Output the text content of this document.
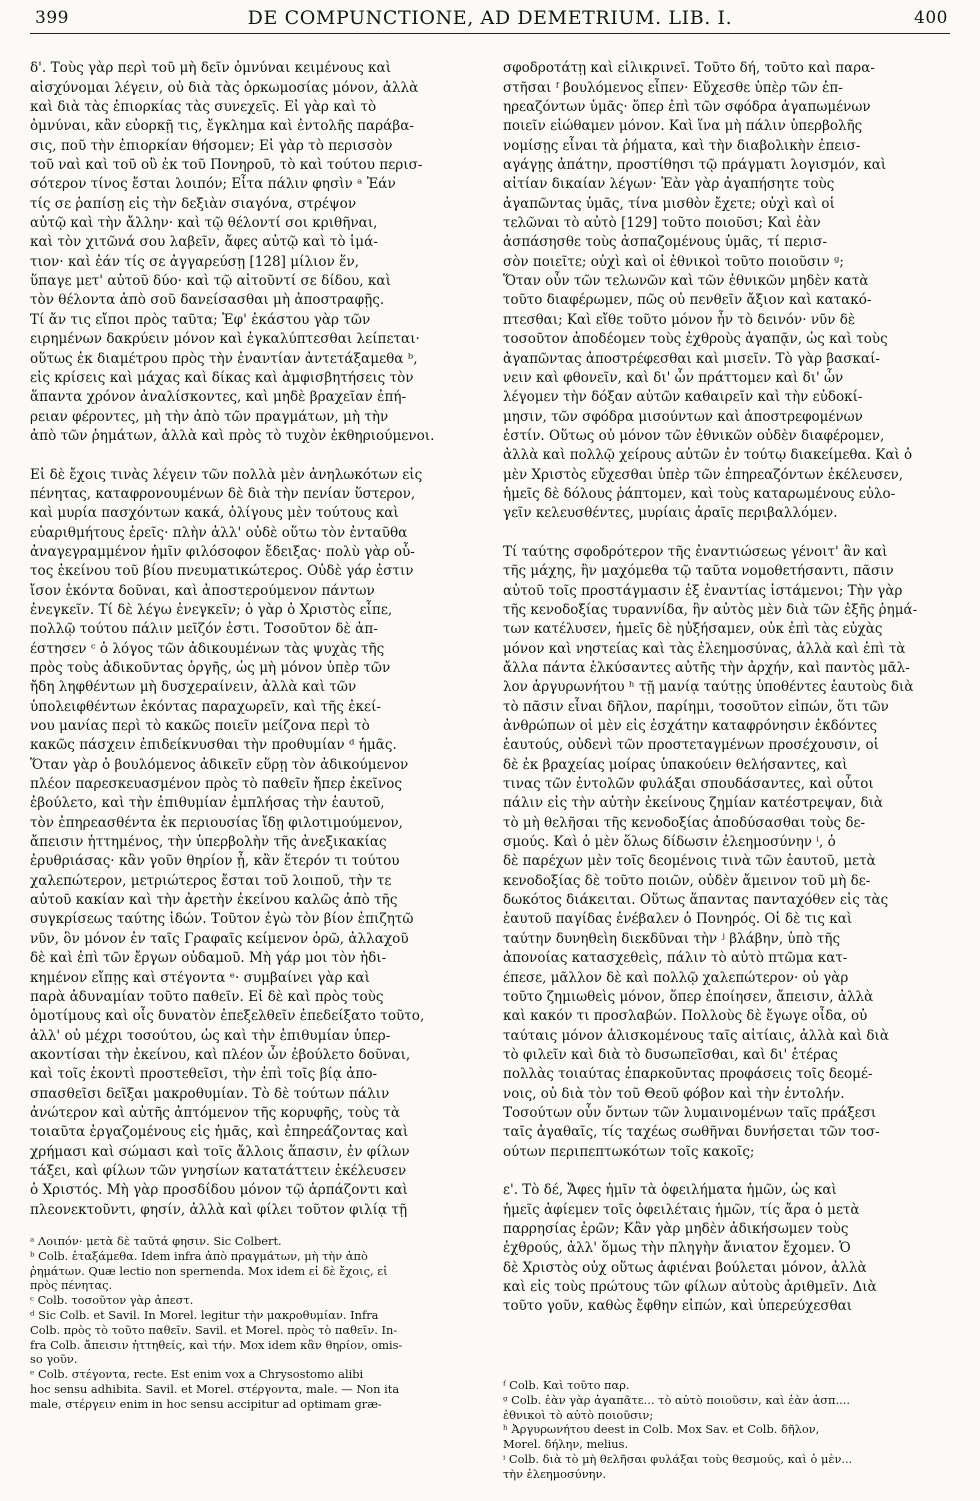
399	DE COMPUNCTIONE, AD DEMETRIUM. LIB. I.	400

δ'. Τοὺς γὰρ περὶ τοῦ μὴ δεῖν ὀμνύναι κειμένους καὶ
αἰσχύνομαι λέγειν, οὐ διὰ τὰς ὁρκωμοσίας μόνον, ἀλλὰ
καὶ διὰ τὰς ἐπιορκίας τὰς συνεχεῖς. Εἰ γὰρ καὶ τὸ
ὀμνύναι, κἂν εὐορκῇ τις, ἔγκλημα καὶ ἐντολῆς παράβα-
σις, ποῦ τὴν ἐπιορκίαν θήσομεν; Εἰ γὰρ τὸ περισσὸν
τοῦ ναὶ καὶ τοῦ οὒ ἐκ τοῦ Πονηροῦ, τὸ καὶ τούτου περισ-
σότερον τίνος ἔσται λοιπόν; Εἶτα πάλιν φησὶν ᵃ Ἐάν
τίς σε ῥαπίσῃ εἰς τὴν δεξιὰν σιαγόνα, στρέψον
αὐτῷ καὶ τὴν ἄλλην· καὶ τῷ θέλοντί σοι κριθῆναι,
καὶ τὸν χιτῶνά σου λαβεῖν, ἄφες αὐτῷ καὶ τὸ ἱμά-
τιον· καὶ ἐάν τίς σε ἀγγαρεύσῃ [128] μίλιον ἕν,
ὕπαγε μετ' αὐτοῦ δύο· καὶ τῷ αἰτοῦντί σε δίδου, καὶ
τὸν θέλοντα ἀπὸ σοῦ δανείσασθαι μὴ ἀποστραφῇς.
Τί ἄν τις εἴποι πρὸς ταῦτα; Ἐφ' ἑκάστου γὰρ τῶν
ειρημένων δακρύειν μόνον καὶ ἐγκαλύπτεσθαι λείπεται·
οὕτως ἐκ διαμέτρου πρὸς τὴν ἐναντίαν ἀντετάξαμεθα ᵇ,
εἰς κρίσεις καὶ μάχας καὶ δίκας καὶ ἀμφισβητήσεις τὸν
ἅπαντα χρόνον ἀναλίσκοντες, καὶ μηδὲ βραχεῖαν ἐπή-
ρειαν φέροντες, μὴ τὴν ἀπὸ τῶν πραγμάτων, μὴ τὴν
ἀπὸ τῶν ῥημάτων, ἀλλὰ καὶ πρὸς τὸ τυχὸν ἐκθηριούμενοι.

Εἰ δὲ ἔχοις τινὰς λέγειν τῶν πολλὰ μὲν ἀνηλωκότων εἰς
πένητας, καταφρονουμένων δὲ διὰ τὴν πενίαν ὕστερον,
καὶ μυρία πασχόντων κακά, ὀλίγους μὲν τούτους καὶ
εὐαριθμήτους ἐρεῖς· πλὴν ἀλλ' οὐδὲ οὕτω τὸν ἐνταῦθα
ἀναγεγραμμένον ἡμῖν φιλόσοφον ἔδειξας· πολὺ γὰρ οὗ-
τος ἐκείνου τοῦ βίου πνευματικώτερος. Οὐδὲ γάρ ἐστιν
ἴσον ἑκόντα δοῦναι, καὶ ἀποστερούμενον πάντων
ἐνεγκεῖν. Τί δὲ λέγω ἐνεγκεῖν; ὁ γὰρ ὁ Χριστὸς εἶπε,
πολλῷ τούτου πάλιν μεῖζόν ἐστι. Τοσοῦτον δὲ ἀπ-
έστησεν ᶜ ὁ λόγος τῶν ἀδικουμένων τὰς ψυχὰς τῆς
πρὸς τοὺς ἀδικοῦντας ὀργῆς, ὡς μὴ μόνον ὑπὲρ τῶν
ἤδη ληφθέντων μὴ δυσχεραίνειν, ἀλλὰ καὶ τῶν
ὑπολειφθέντων ἑκόντας παραχωρεῖν, καὶ τῆς ἐκεί-
νου μανίας περὶ τὸ κακῶς ποιεῖν μείζονα περὶ τὸ
κακῶς πάσχειν ἐπιδείκνυσθαι τὴν προθυμίαν ᵈ ἡμᾶς.
Ὅταν γὰρ ὁ βουλόμενος ἀδικεῖν εὕρῃ τὸν ἀδικούμενον
πλέον παρεσκευασμένον πρὸς τὸ παθεῖν ἤπερ ἐκεῖνος
ἐβούλετο, καὶ τὴν ἐπιθυμίαν ἐμπλήσας τὴν ἑαυτοῦ,
τὸν ἐπηρεασθέντα ἐκ περιουσίας ἴδῃ φιλοτιμούμενον,
ἄπεισιν ἡττημένος, τὴν ὑπερβολὴν τῆς ἀνεξικακίας
ἐρυθριάσας· κἂν γοῦν θηρίον ᾖ, κἂν ἕτερόν τι τούτου
χαλεπώτερον, μετριώτερος ἔσται τοῦ λοιποῦ, τὴν τε
αὐτοῦ κακίαν καὶ τὴν ἀρετὴν ἐκείνου καλῶς ἀπὸ τῆς
συγκρίσεως ταύτης ἰδών. Τοῦτον ἐγὼ τὸν βίον ἐπιζητῶ
νῦν, ὃν μόνον ἐν ταῖς Γραφαῖς κείμενον ὁρῶ, ἀλλαχοῦ
δὲ καὶ ἐπὶ τῶν ἔργων οὐδαμοῦ. Μὴ γάρ μοι τὸν ἠδι-
κημένον εἴπῃς καὶ στέγοντα ᵉ· συμβαίνει γὰρ καὶ
παρὰ ἀδυναμίαν τοῦτο παθεῖν. Εἰ δὲ καὶ πρὸς τοὺς
ὁμοτίμους καὶ οἷς δυνατὸν ἐπεξελθεῖν ἐπεδείξατο τοῦτο,
ἀλλ' οὐ μέχρι τοσούτου, ὡς καὶ τὴν ἐπιθυμίαν ὑπερ-
ακοντίσαι τὴν ἐκείνου, καὶ πλέον ὧν ἐβούλετο δοῦναι,
καὶ τοῖς ἑκοντὶ προστεθεῖσι, τὴν ἐπὶ τοῖς βίᾳ ἀπο-
σπασθεῖσι δεῖξαι μακροθυμίαν. Τὸ δὲ τούτων πάλιν
ἀνώτερον καὶ αὐτῆς ἁπτόμενον τῆς κορυφῆς, τοὺς τὰ
τοιαῦτα ἐργαζομένους εἰς ἡμᾶς, καὶ ἐπηρεάζοντας καὶ
χρήμασι καὶ σώμασι καὶ τοῖς ἄλλοις ἅπασιν, ἐν φίλων
τάξει, καὶ φίλων τῶν γνησίων κατατάττειν ἐκέλευσεν
ὁ Χριστός. Μὴ γὰρ προσδίδου μόνον τῷ ἁρπάζοντι καὶ
πλεονεκτοῦντι, φησίν, ἀλλὰ καὶ φίλει τοῦτον φιλίᾳ τῇ

ᵃ Λοιπόν· μετὰ δὲ ταῦτά φησιν. Sic Colbert.
ᵇ Colb. ἐταξάμεθα. Idem infra ἀπὸ πραγμάτων, μὴ τὴν ἀπὸ
ῥημάτων. Quæ lectio non spernenda. Mox idem εἰ δὲ ἔχοις, εἰ
πρὸς πένητας.
ᶜ Colb. τοσοῦτον γὰρ ἀπεστ.
ᵈ Sic Colb. et Savil. In Morel. legitur τὴν μακροθυμίαν. Infra
Colb. πρὸς τὸ τοῦτο παθεῖν. Savil. et Morel. πρὸς τὸ παθεῖν. In-
fra Colb. ἄπεισιν ἡττηθείς, καὶ τήν. Mox idem κἂν θηρίον, omis-
so γοῦν.
ᵉ Colb. στέγοντα, recte. Est enim vox a Chrysostomo alibi
hoc sensu adhibita. Savil. et Morel. στέργοντα, male. — Non ita
male, στέργειν enim in hoc sensu accipitur ad optimam græ-

σφοδροτάτῃ καὶ εἰλικρινεῖ. Τοῦτο δή, τοῦτο καὶ παρα-
στῆσαι ᶠ βουλόμενος εἶπεν· Εὔχεσθε ὑπὲρ τῶν ἐπ-
ηρεαζόντων ὑμᾶς· ὅπερ ἐπὶ τῶν σφόδρα ἀγαπωμένων
ποιεῖν εἰώθαμεν μόνον. Καὶ ἵνα μὴ πάλιν ὑπερβολῆς
νομίσῃς εἶναι τὰ ῥήματα, καὶ τὴν διαβολικὴν ἐπεισ-
αγάγῃς ἀπάτην, προστίθησι τῷ πράγματι λογισμόν, καὶ
αἰτίαν δικαίαν λέγων· Ἐὰν γὰρ ἀγαπήσητε τοὺς
ἀγαπῶντας ὑμᾶς, τίνα μισθὸν ἔχετε; οὐχὶ καὶ οἱ
τελῶναι τὸ αὐτὸ [129] τοῦτο ποιοῦσι; Καὶ ἐὰν
ἀσπάσησθε τοὺς ἀσπαζομένους ὑμᾶς, τί περισ-
σὸν ποιεῖτε; οὐχὶ καὶ οἱ ἐθνικοὶ τοῦτο ποιοῦσιν ᵍ;
Ὅταν οὖν τῶν τελωνῶν καὶ τῶν ἐθνικῶν μηδὲν κατὰ
τοῦτο διαφέρωμεν, πῶς οὐ πενθεῖν ἄξιον καὶ κατακό-
πτεσθαι; Καὶ εἴθε τοῦτο μόνον ἦν τὸ δεινόν· νῦν δὲ
τοσοῦτον ἀποδέομεν τοὺς ἐχθροὺς ἀγαπᾷν, ὡς καὶ τοὺς
ἀγαπῶντας ἀποστρέφεσθαι καὶ μισεῖν. Τὸ γὰρ βασκαί-
νειν καὶ φθονεῖν, καὶ δι' ὧν πράττομεν καὶ δι' ὧν
λέγομεν τὴν δόξαν αὐτῶν καθαιρεῖν καὶ τὴν εὐδοκί-
μησιν, τῶν σφόδρα μισούντων καὶ ἀποστρεφομένων
ἐστίν. Οὕτως οὐ μόνον τῶν ἐθνικῶν οὐδὲν διαφέρομεν,
ἀλλὰ καὶ πολλῷ χείρους αὐτῶν ἐν τούτῳ διακείμεθα. Καὶ ὁ
μὲν Χριστὸς εὔχεσθαι ὑπὲρ τῶν ἐπηρεαζόντων ἐκέλευσεν,
ἡμεῖς δὲ δόλους ῥάπτομεν, καὶ τοὺς καταρωμένους εὐλο-
γεῖν κελευσθέντες, μυρίαις ἀραῖς περιβαλλόμεν.

Τί ταύτης σφοδρότερον τῆς ἐναντιώσεως γένοιτ' ἂν καὶ
τῆς μάχης, ἣν μαχόμεθα τῷ ταῦτα νομοθετήσαντι, πᾶσιν
αὐτοῦ τοῖς προστάγμασιν ἐξ ἐναντίας ἱστάμενοι; Τὴν γὰρ
τῆς κενοδοξίας τυραννίδα, ἣν αὐτὸς μὲν διὰ τῶν ἐξῆς ῥημά-
των κατέλυσεν, ἡμεῖς δὲ ηὐξήσαμεν, οὐκ ἐπὶ τὰς εὐχὰς
μόνον καὶ νηστείας καὶ τὰς ἐλεημοσύνας, ἀλλὰ καὶ ἐπὶ τὰ
ἄλλα πάντα ἑλκύσαντες αὐτῆς τὴν ἀρχήν, καὶ παντὸς μᾶλ-
λον ἀργυρωνήτου ʰ τῇ μανίᾳ ταύτῃς ὑποθέντες ἑαυτοὺς διὰ
τὸ πᾶσιν εἶναι δῆλον, παρίημι, τοσοῦτον εἰπών, ὅτι τῶν
ἀνθρώπων οἱ μὲν εἰς ἐσχάτην καταφρόνησιν ἐκδόντες
ἑαυτούς, οὐδενὶ τῶν προστεταγμένων προσέχουσιν, οἱ
δὲ ἐκ βραχείας μοίρας ὑπακούειν θελήσαντες, καὶ
τινας τῶν ἐντολῶν φυλάξαι σπουδάσαντες, καὶ οὗτοι
πάλιν εἰς τὴν αὐτὴν ἐκείνους ζημίαν κατέστρεψαν, διὰ
τὸ μὴ θελῆσαι τῆς κενοδοξίας ἀποδύσασθαι τοὺς δε-
σμούς. Καὶ ὁ μὲν ὅλως δίδωσιν ἐλεημοσύνην ⁱ, ὁ
δὲ παρέχων μὲν τοῖς δεομένοις τινὰ τῶν ἑαυτοῦ, μετὰ
κενοδοξίας δὲ τοῦτο ποιῶν, οὐδὲν ἄμεινον τοῦ μὴ δε-
δωκότος διάκειται. Οὕτως ἅπαντας πανταχόθεν εἰς τὰς
ἑαυτοῦ παγίδας ἐνέβαλεν ὁ Πονηρός. Οἱ δὲ τις καὶ
ταύτην δυνηθεὶη διεκδῦναι τὴν ʲ βλάβην, ὑπὸ τῆς
ἀπονοίας κατασχεθεὶς, πάλιν τὸ αὐτὸ πτῶμα κατ-
έπεσε, μᾶλλον δὲ καὶ πολλῷ χαλεπώτερον· οὐ γὰρ
τοῦτο ζημιωθεὶς μόνον, ὅπερ ἐποίησεν, ἄπεισιν, ἀλλὰ
καὶ κακόν τι προσλαβών. Πολλοὺς δὲ ἔγωγε οἶδα, οὐ
ταύταις μόνον ἁλισκομένους ταῖς αἰτίαις, ἀλλὰ καὶ διὰ
τὸ φιλεῖν καὶ διὰ τὸ δυσωπεῖσθαι, καὶ δι' ἑτέρας
πολλὰς τοιαύτας ἐπαρκοῦντας προφάσεις τοῖς δεομέ-
νοις, οὐ διὰ τὸν τοῦ Θεοῦ φόβον καὶ τὴν ἐντολήν.
Τοσούτων οὖν ὄντων τῶν λυμαινομένων ταῖς πράξεσι
ταῖς ἀγαθαῖς, τίς ταχέως σωθῆναι δυνήσεται τῶν τοσ-
ούτων περιπεπτωκότων τοῖς κακοῖς;

ε'. Τὸ δέ, Ἄφες ἡμῖν τὰ ὀφειλήματα ἡμῶν, ὡς καὶ
ἡμεῖς ἀφίεμεν τοῖς ὀφειλέταις ἡμῶν, τίς ἄρα ὁ μετὰ
παρρησίας ἐρῶν; Κἂν γὰρ μηδὲν ἀδικήσωμεν τοὺς
ἐχθρούς, ἀλλ' ὅμως τὴν πληγὴν ἄνιατον ἔχομεν. Ὁ
δὲ Χριστὸς οὐχ οὕτως ἀφιέναι βούλεται μόνον, ἀλλὰ
καὶ εἰς τοὺς πρώτους τῶν φίλων αὐτοὺς ἀριθμεῖν. Διὰ
τοῦτο γοῦν, καθὼς ἔφθην εἰπών, καὶ ὑπερεύχεσθαι

ᶠ Colb. Καὶ τοῦτο παρ.
ᵍ Colb. ἐὰν γὰρ ἀγαπᾶτε... τὸ αὐτὸ ποιοῦσιν, καὶ ἐὰν ἀσπ....
ἐθνικοὶ τὸ αὐτὸ ποιοῦσιν;
ʰ Ἀργυρωνήτου deest in Colb. Mox Sav. et Colb. δῆλον,
Morel. δήλην, melius.
ⁱ Colb. διὰ τὸ μὴ θελῆσαι φυλάξαι τοὺς θεσμούς, καὶ ὁ μὲν...
τὴν ἐλεημοσύνην.
